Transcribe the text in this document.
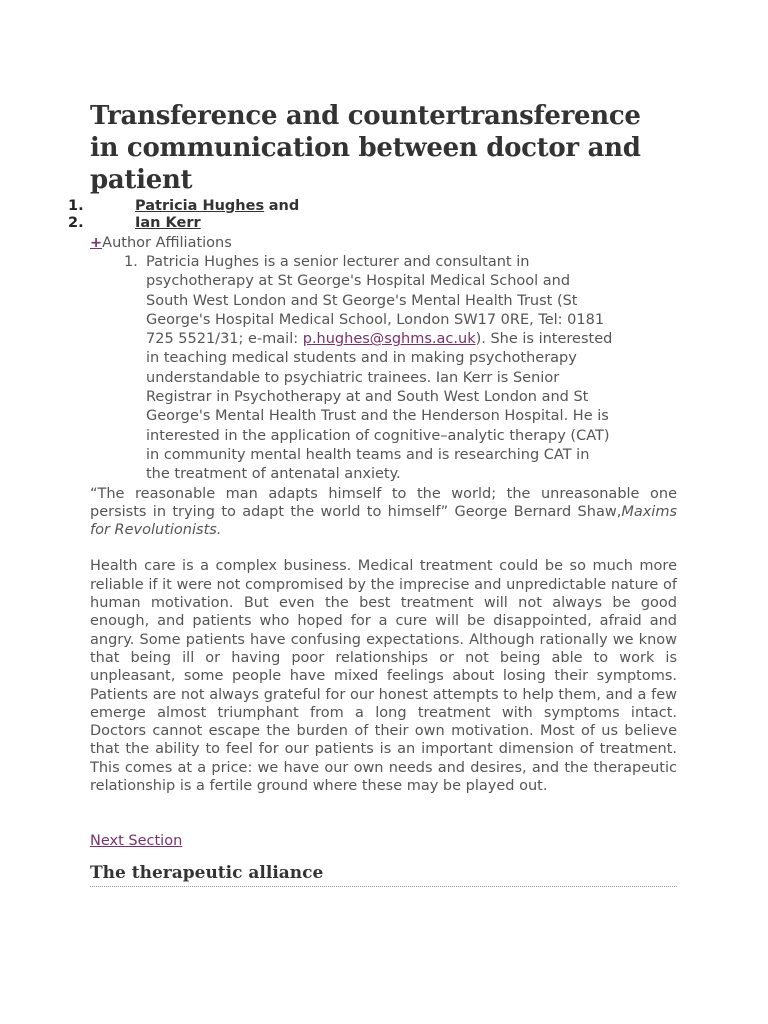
Transference and countertransference in communication between doctor and patient
1.	Patricia Hughes and
2.	Ian Kerr
+Author Affiliations
1. Patricia Hughes is a senior lecturer and consultant in psychotherapy at St George's Hospital Medical School and South West London and St George's Mental Health Trust (St George's Hospital Medical School, London SW17 0RE, Tel: 0181 725 5521/31; e-mail: p.hughes@sghms.ac.uk). She is interested in teaching medical students and in making psychotherapy understandable to psychiatric trainees. Ian Kerr is Senior Registrar in Psychotherapy at and South West London and St George's Mental Health Trust and the Henderson Hospital. He is interested in the application of cognitive–analytic therapy (CAT) in community mental health teams and is researching CAT in the treatment of antenatal anxiety.

“The reasonable man adapts himself to the world; the unreasonable one persists in trying to adapt the world to himself” George Bernard Shaw,Maxims for Revolutionists.

Health care is a complex business. Medical treatment could be so much more reliable if it were not compromised by the imprecise and unpredictable nature of human motivation. But even the best treatment will not always be good enough, and patients who hoped for a cure will be disappointed, afraid and angry. Some patients have confusing expectations. Although rationally we know that being ill or having poor relationships or not being able to work is unpleasant, some people have mixed feelings about losing their symptoms. Patients are not always grateful for our honest attempts to help them, and a few emerge almost triumphant from a long treatment with symptoms intact. Doctors cannot escape the burden of their own motivation. Most of us believe that the ability to feel for our patients is an important dimension of treatment. This comes at a price: we have our own needs and desires, and the therapeutic relationship is a fertile ground where these may be played out.

Next Section
The therapeutic alliance
